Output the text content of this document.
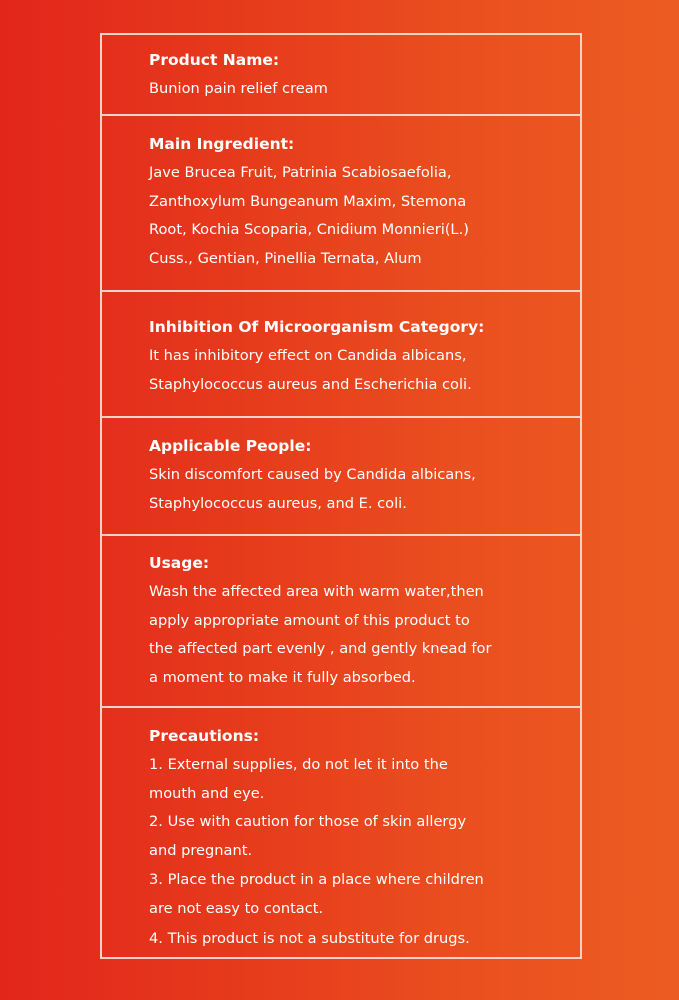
Product Name:
Bunion pain relief cream
Main Ingredient:
Jave Brucea Fruit, Patrinia Scabiosaefolia,
Zanthoxylum Bungeanum Maxim, Stemona
Root, Kochia Scoparia, Cnidium Monnieri(L.)
Cuss., Gentian, Pinellia Ternata, Alum
Inhibition Of Microorganism Category:
It has inhibitory effect on Candida albicans,
Staphylococcus aureus and Escherichia coli.
Applicable People:
Skin discomfort caused by Candida albicans,
Staphylococcus aureus, and E. coli.
Usage:
Wash the affected area with warm water,then
apply appropriate amount of this product to
the affected part evenly , and gently knead for
a moment to make it fully absorbed.
Precautions:
1. External supplies, do not let it into the
mouth and eye.
2. Use with caution for those of skin allergy
and pregnant.
3. Place the product in a place where children
are not easy to contact.
4. This product is not a substitute for drugs.
